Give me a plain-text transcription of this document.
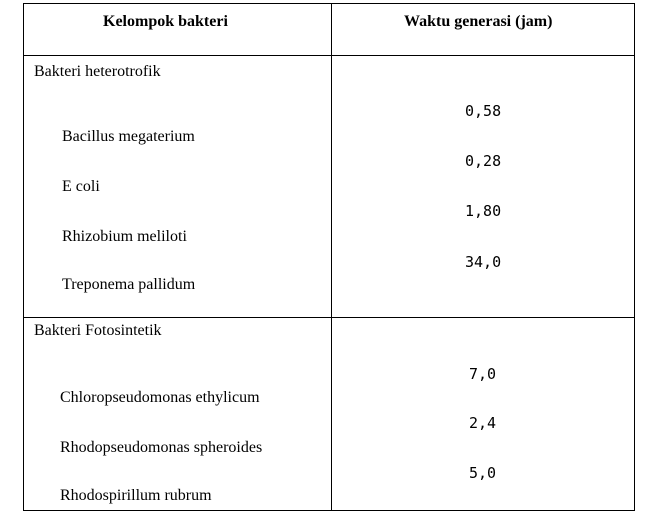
Kelompok bakteri	Waktu generasi (jam)
Bakteri heterotrofik
Bacillus megaterium
E coli
Rhizobium meliloti
Treponema pallidum
0,58
0,28
1,80
34,0
Bakteri Fotosintetik
Chloropseudomonas ethylicum
Rhodopseudomonas spheroides
Rhodospirillum rubrum
7,0
2,4
5,0
